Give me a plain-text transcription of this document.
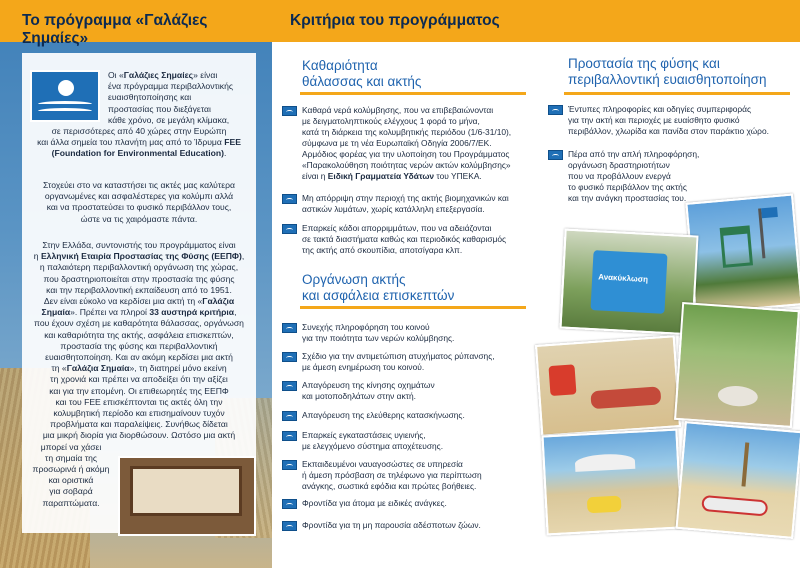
Το πρόγραμμα «Γαλάζιες Σημαίες»
Οι «Γαλάζιες Σημαίες» είναι
ένα πρόγραμμα περιβαλλοντικής
ευαισθητοποίησης και
προστασίας που διεξάγεται
κάθε χρόνο, σε μεγάλη κλίμακα,
σε περισσότερες από 40 χώρες στην Ευρώπη
και άλλα σημεία του πλανήτη μας από το Ίδρυμα FEE
(Foundation for Environmental Education).
Στοχεύει στο να καταστήσει τις ακτές μας καλύτερα
οργανωμένες και ασφαλέστερες για κολύμπι αλλά
και να προστατεύσει το φυσικό περιβάλλον τους,
ώστε να τις χαιρόμαστε πάντα.
Στην Ελλάδα, συντονιστής του προγράμματος είναι
η Ελληνική Εταιρία Προστασίας της Φύσης (ΕΕΠΦ),
η παλαιότερη περιβαλλοντική οργάνωση της χώρας,
που δραστηριοποιείται στην προστασία της φύσης
και την περιβαλλοντική εκπαίδευση από το 1951.
Δεν είναι εύκολο να κερδίσει μια ακτή τη «Γαλάζια
Σημαία». Πρέπει να πληροί 33 αυστηρά κριτήρια,
που έχουν σχέση με καθαρότητα θάλασσας, οργάνωση
και καθαριότητα της ακτής, ασφάλεια επισκεπτών,
προστασία της φύσης και περιβαλλοντική
ευαισθητοποίηση. Και αν ακόμη κερδίσει μια ακτή
τη «Γαλάζια Σημαία», τη διατηρεί μόνο εκείνη
τη χρονιά και πρέπει να αποδείξει ότι την αξίζει
και για την επομένη. Οι επιθεωρητές της ΕΕΠΦ
και του FEE επισκέπτονται τις ακτές όλη την
κολυμβητική περίοδο και επισημαίνουν τυχόν
προβλήματα και παραλείψεις. Συνήθως δίδεται
μια μικρή διορία για διορθώσουν. Ωστόσο μια ακτή
μπορεί να χάσει
τη σημαία της
προσωρινά ή ακόμη
και οριστικά
για σοβαρά
παραπτώματα.
Κριτήρια του προγράμματος
Καθαριότητα
θάλασσας και ακτής
Καθαρά νερά κολύμβησης, που να επιβεβαιώνονται
με δειγματοληπτικούς ελέγχους 1 φορά το μήνα,
κατά τη διάρκεια της κολυμβητικής περιόδου (1/6-31/10),
σύμφωνα με τη νέα Ευρωπαϊκή Οδηγία 2006/7/ΕΚ.
Αρμόδιος φορέας για την υλοποίηση του Προγράμματος
«Παρακολούθηση ποιότητας νερών ακτών κολύμβησης»
είναι η Ειδική Γραμματεία Υδάτων του ΥΠΕΚΑ.
Μη απόρριψη στην περιοχή της ακτής βιομηχανικών και
αστικών λυμάτων, χωρίς κατάλληλη επεξεργασία.
Επαρκείς κάδοι απορριμμάτων, που να αδειάζονται
σε τακτά διαστήματα καθώς και περιοδικός καθαρισμός
της ακτής από σκουπίδια, αποτσίγαρα κλπ.
Οργάνωση ακτής
και ασφάλεια επισκεπτών
Συνεχής πληροφόρηση του κοινού
για την ποιότητα των νερών κολύμβησης.
Σχέδιο για την αντιμετώπιση ατυχήματος ρύπανσης,
με άμεση ενημέρωση του κοινού.
Απαγόρευση της κίνησης οχημάτων
και μοτοποδηλάτων στην ακτή.
Απαγόρευση της ελεύθερης κατασκήνωσης.
Επαρκείς εγκαταστάσεις υγιεινής,
με ελεγχόμενο σύστημα αποχέτευσης.
Εκπαιδευμένοι ναυαγοσώστες σε υπηρεσία
ή άμεση πρόσβαση σε τηλέφωνο για περίπτωση
ανάγκης, σωστικά εφόδια και πρώτες βοήθειες.
Φροντίδα για άτομα με ειδικές ανάγκες.
Φροντίδα για τη μη παρουσία αδέσποτων ζώων.
Προστασία της φύσης και
περιβαλλοντική ευαισθητοποίηση
Έντυπες πληροφορίες και οδηγίες συμπεριφοράς
για την ακτή και περιοχές με ευαίσθητο φυσικό
περιβάλλον, χλωρίδα και πανίδα στον παράκτιο χώρο.
Πέρα από την απλή πληροφόρηση,
οργάνωση δραστηριοτήτων
που να προβάλλουν ενεργά
το φυσικό περιβάλλον της ακτής
και την ανάγκη προστασίας του.
Ανακύκλωση
